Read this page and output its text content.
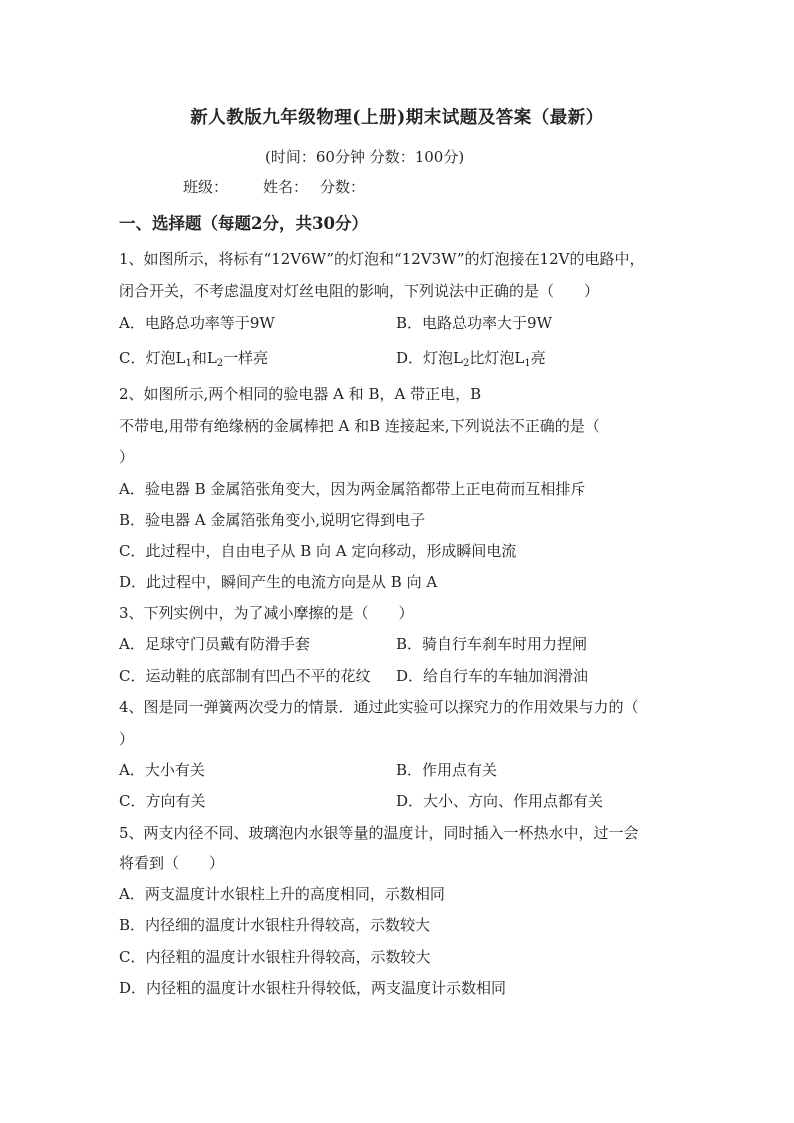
新人教版九年级物理(上册)期末试题及答案（最新）
(时间：60分钟 分数：100分)
班级： 姓名： 分数：
一、选择题（每题2分，共30分）
1、如图所示，将标有“12V6W”的灯泡和“12V3W”的灯泡接在12V的电路中，
闭合开关，不考虑温度对灯丝电阻的影响，下列说法中正确的是（　　）
A．电路总功率等于9W	B．电路总功率大于9W
C．灯泡$L_1$和$L_2$一样亮	D．灯泡$L_2$比灯泡$L_1$亮
2、如图所示,两个相同的验电器 A 和 B，A 带正电，B
不带电,用带有绝缘柄的金属棒把 A 和B 连接起来,下列说法不正确的是（
）
A．验电器 B 金属箔张角变大，因为两金属箔都带上正电荷而互相排斥
B．验电器 A 金属箔张角变小,说明它得到电子
C．此过程中，自由电子从 B 向 A 定向移动，形成瞬间电流
D．此过程中，瞬间产生的电流方向是从 B 向 A
3、下列实例中，为了减小摩擦的是（　　）
A．足球守门员戴有防滑手套	B．骑自行车刹车时用力捏闸
C．运动鞋的底部制有凹凸不平的花纹 D．给自行车的车轴加润滑油
4、图是同一弹簧两次受力的情景．通过此实验可以探究力的作用效果与力的（
）
A．大小有关	B．作用点有关
C．方向有关	D．大小、方向、作用点都有关
5、两支内径不同、玻璃泡内水银等量的温度计，同时插入一杯热水中，过一会
将看到（　　）
A．两支温度计水银柱上升的高度相同，示数相同
B．内径细的温度计水银柱升得较高，示数较大
C．内径粗的温度计水银柱升得较高，示数较大
D．内径粗的温度计水银柱升得较低，两支温度计示数相同
